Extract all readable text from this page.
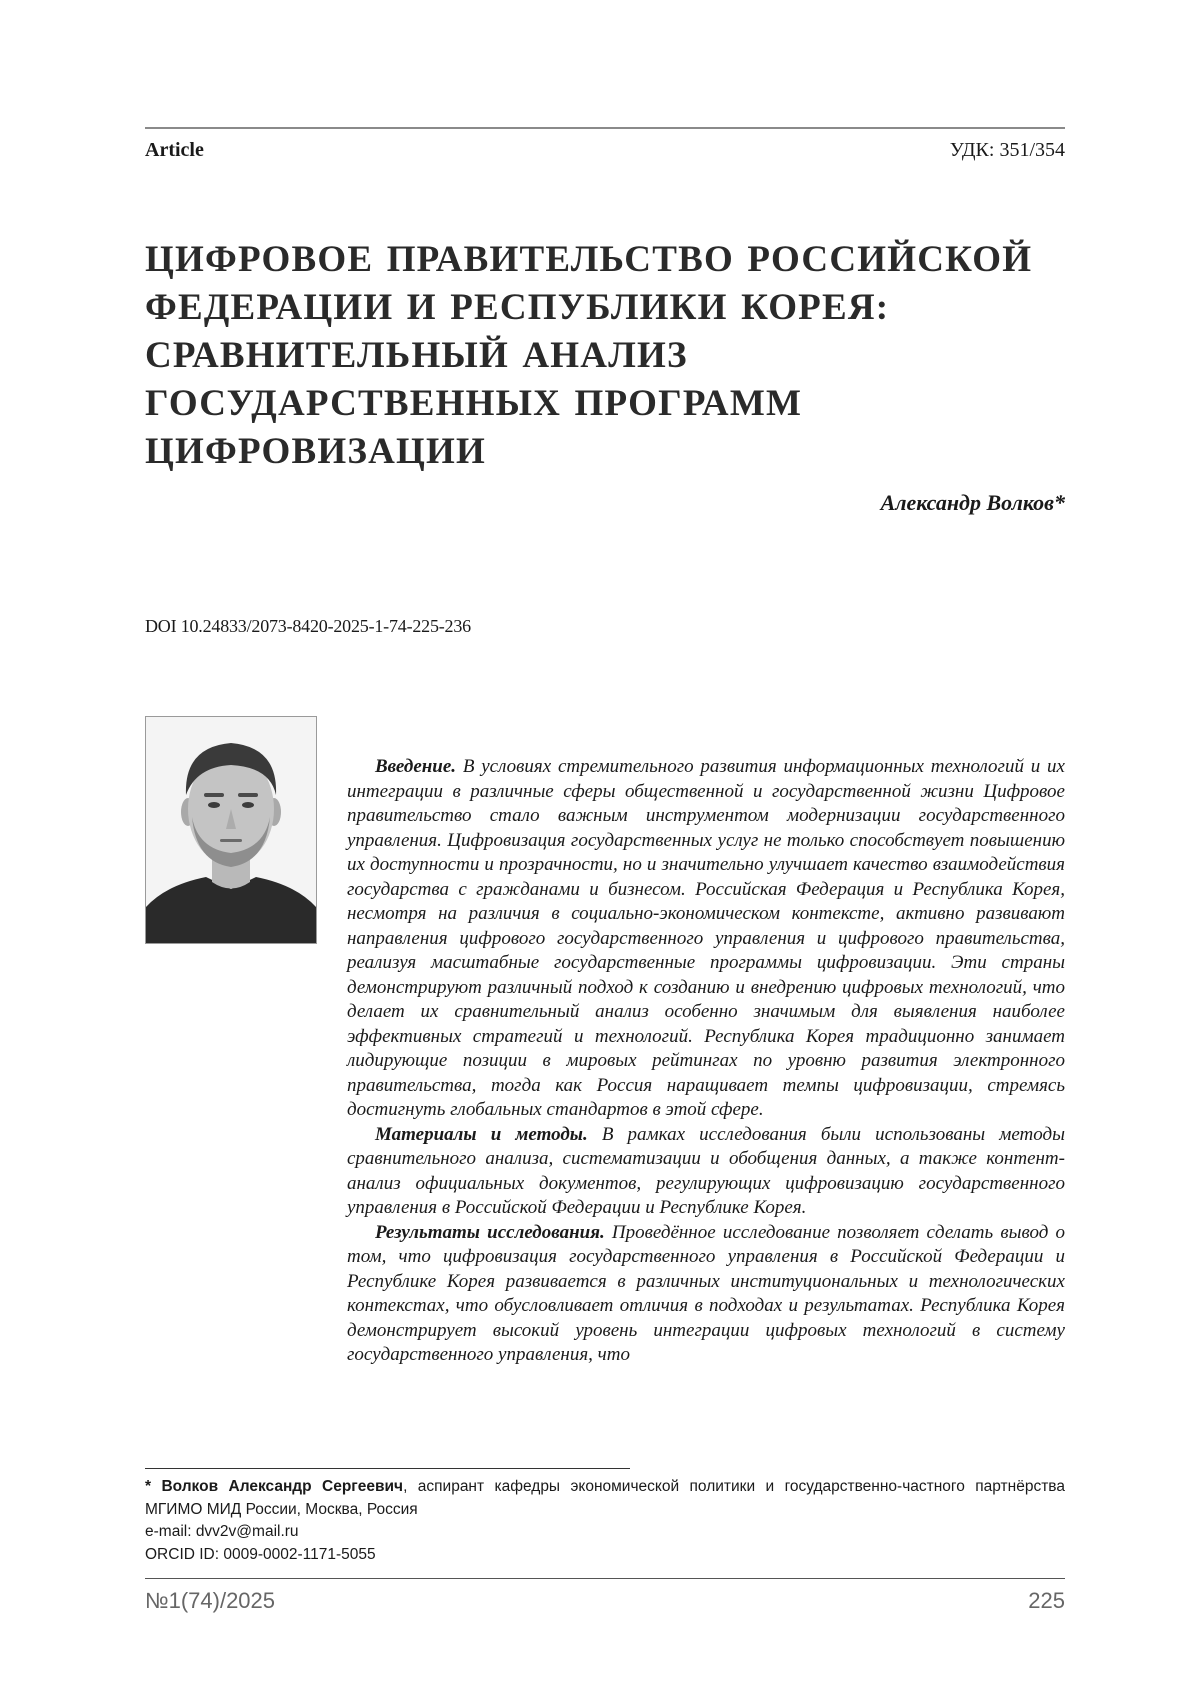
Article	УДК: 351/354
ЦИФРОВОЕ ПРАВИТЕЛЬСТВО РОССИЙСКОЙ
ФЕДЕРАЦИИ И РЕСПУБЛИКИ КОРЕЯ:
СРАВНИТЕЛЬНЫЙ АНАЛИЗ
ГОСУДАРСТВЕННЫХ ПРОГРАММ
ЦИФРОВИЗАЦИИ
Александр Волков*
DOI 10.24833/2073-8420-2025-1-74-225-236

Введение. В условиях стремительного развития информационных технологий и их интеграции в различные сферы общественной и государственной жизни Цифровое правительство стало важным инструментом модернизации государственного управления. Цифровизация государственных услуг не только способствует повышению их доступности и прозрачности, но и значительно улучшает качество взаимодействия государства с гражданами и бизнесом. Российская Федерация и Республика Корея, несмотря на различия в социально-экономическом контексте, активно развивают направления цифрового государственного управления и цифрового правительства, реализуя масштабные государственные программы цифровизации. Эти страны демонстрируют различный подход к созданию и внедрению цифровых технологий, что делает их сравнительный анализ особенно значимым для выявления наиболее эффективных стратегий и технологий. Республика Корея традиционно занимает лидирующие позиции в мировых рейтингах по уровню развития электронного правительства, тогда как Россия наращивает темпы цифровизации, стремясь достигнуть глобальных стандартов в этой сфере.

Материалы и методы. В рамках исследования были использованы методы сравнительного анализа, систематизации и обобщения данных, а также контент-анализ официальных документов, регулирующих цифровизацию государственного управления в Российской Федерации и Республике Корея.

Результаты исследования. Проведённое исследование позволяет сделать вывод о том, что цифровизация государственного управления в Российской Федерации и Республике Корея развивается в различных институциональных и технологических контекстах, что обусловливает отличия в подходах и результатах. Республика Корея демонстрирует высокий уровень интеграции цифровых технологий в систему государственного управления, что

* Волков Александр Сергеевич, аспирант кафедры экономической политики и государственно-частного партнёрства МГИМО МИД России, Москва, Россия
e-mail: dvv2v@mail.ru
ORCID ID: 0009-0002-1171-5055
№1(74)/2025	225
